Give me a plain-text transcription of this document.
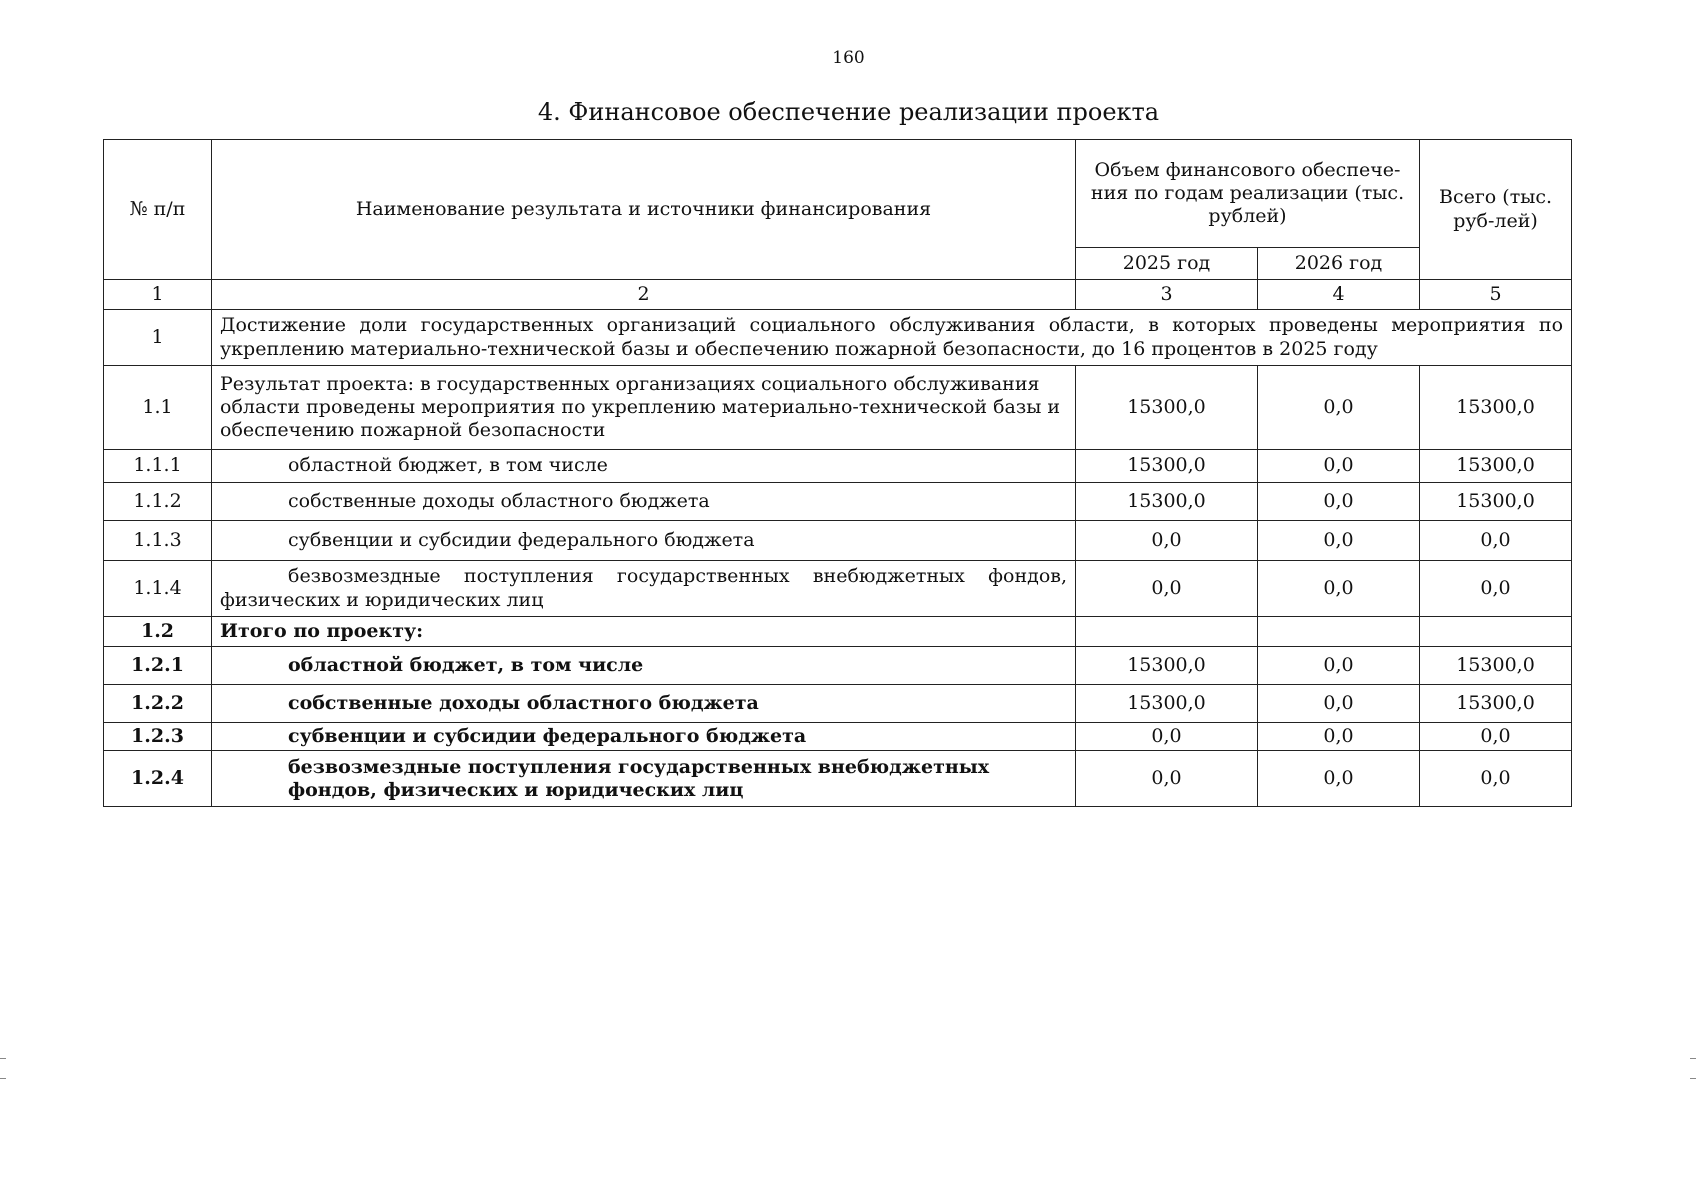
160
4. Финансовое обеспечение реализации проекта
№ п/п	Наименование результата и источники финансирования	Объем финансового обеспече-ния по годам реализации (тыс. рублей)		Всего (тыс. руб-лей)
		2025 год	2026 год	
1	2	3	4	5
1	Достижение доли государственных организаций социального обслуживания области, в которых проведены мероприятия по укреплению материально-технической базы и обеспечению пожарной безопасности, до 16 процентов в 2025 году			
1.1	Результат проекта: в государственных организациях социального обслуживания области проведены мероприятия по укреплению материально-технической базы и обеспечению пожарной безопасности	15300,0	0,0	15300,0
1.1.1	областной бюджет, в том числе	15300,0	0,0	15300,0
1.1.2	собственные доходы областного бюджета	15300,0	0,0	15300,0
1.1.3	субвенции и субсидии федерального бюджета	0,0	0,0	0,0
1.1.4	безвозмездные поступления государственных внебюджетных фондов, физических и юридических лиц	0,0	0,0	0,0
1.2	Итого по проекту:			
1.2.1	областной бюджет, в том числе	15300,0	0,0	15300,0
1.2.2	собственные доходы областного бюджета	15300,0	0,0	15300,0
1.2.3	субвенции и субсидии федерального бюджета	0,0	0,0	0,0
1.2.4	безвозмездные поступления государственных внебюджетных фондов, физических и юридических лиц	0,0	0,0	0,0
